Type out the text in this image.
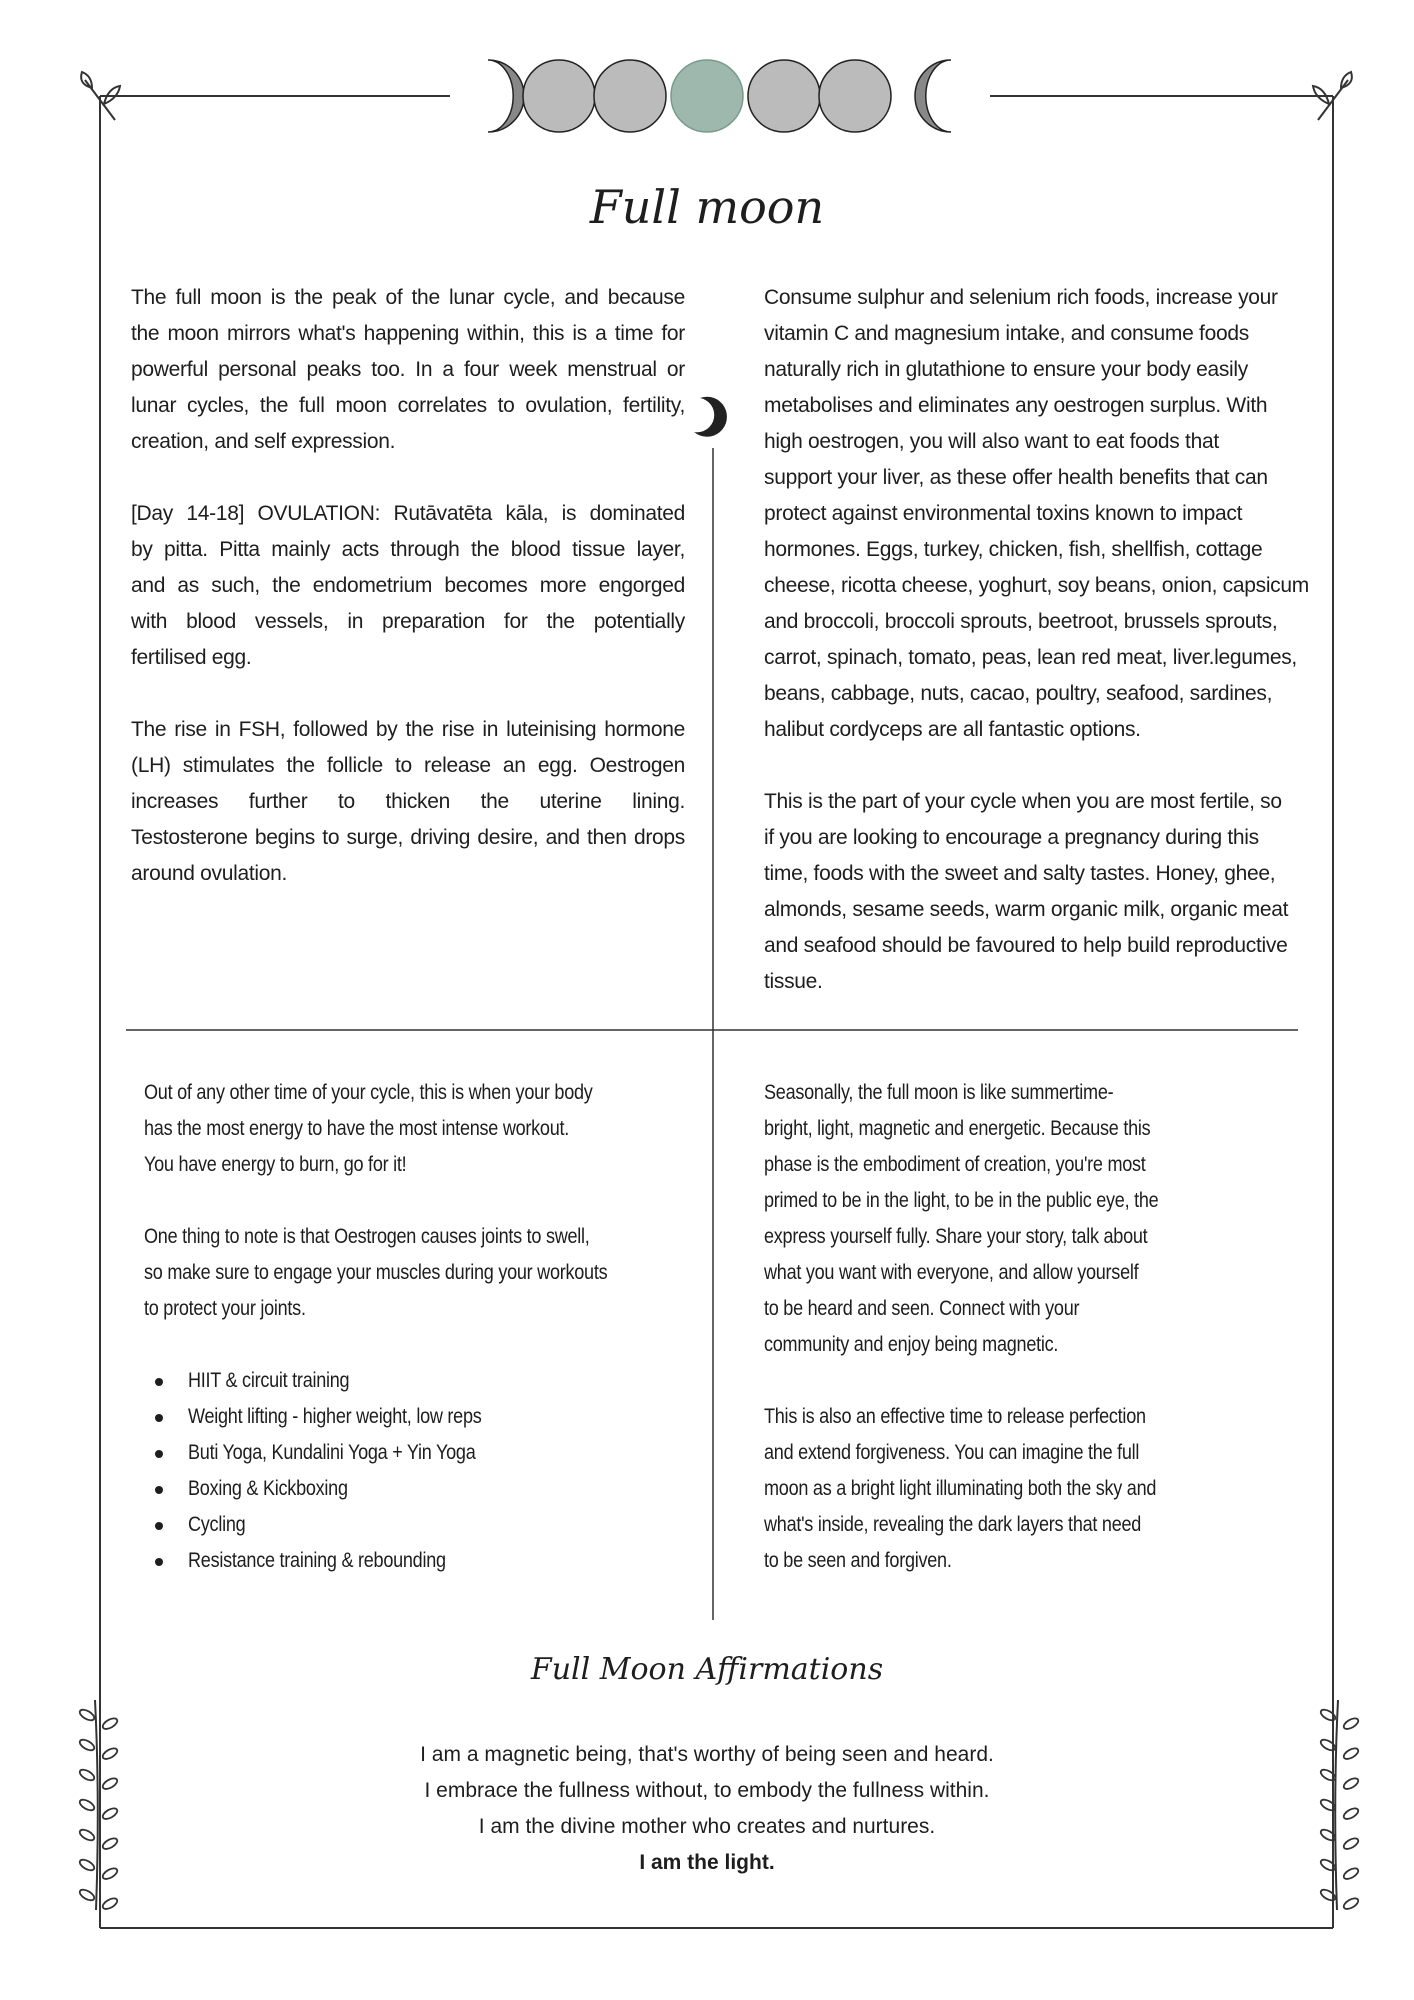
Full moon
The full moon is the peak of the lunar cycle, and because
the moon mirrors what's happening within, this is a time for
powerful personal peaks too. In a four week menstrual or
lunar cycles, the full moon correlates to ovulation, fertility,
creation, and self expression.
[Day 14-18] OVULATION: Rutāvatēta kāla, is dominated
by pitta. Pitta mainly acts through the blood tissue layer,
and as such, the endometrium becomes more engorged
with blood vessels, in preparation for the potentially
fertilised egg.
The rise in FSH, followed by the rise in luteinising hormone
(LH) stimulates the follicle to release an egg. Oestrogen
increases further to thicken the uterine lining.
Testosterone begins to surge, driving desire, and then drops
around ovulation.
Consume sulphur and selenium rich foods, increase your
vitamin C and magnesium intake, and consume foods
naturally rich in glutathione to ensure your body easily
metabolises and eliminates any oestrogen surplus. With
high oestrogen, you will also want to eat foods that
support your liver, as these offer health benefits that can
protect against environmental toxins known to impact
hormones. Eggs, turkey, chicken, fish, shellfish, cottage
cheese, ricotta cheese, yoghurt, soy beans, onion, capsicum
and broccoli, broccoli sprouts, beetroot, brussels sprouts,
carrot, spinach, tomato, peas, lean red meat, liver.legumes,
beans, cabbage, nuts, cacao, poultry, seafood, sardines,
halibut cordyceps are all fantastic options.
This is the part of your cycle when you are most fertile, so
if you are looking to encourage a pregnancy during this
time, foods with the sweet and salty tastes. Honey, ghee,
almonds, sesame seeds, warm organic milk, organic meat
and seafood should be favoured to help build reproductive
tissue.
Out of any other time of your cycle, this is when your body
has the most energy to have the most intense workout.
You have energy to burn, go for it!
One thing to note is that Oestrogen causes joints to swell,
so make sure to engage your muscles during your workouts
to protect your joints.
HIIT & circuit training
Weight lifting - higher weight, low reps
Buti Yoga, Kundalini Yoga + Yin Yoga
Boxing & Kickboxing
Cycling
Resistance training & rebounding
Seasonally, the full moon is like summertime-
bright, light, magnetic and energetic. Because this
phase is the embodiment of creation, you're most
primed to be in the light, to be in the public eye, the
express yourself fully. Share your story, talk about
what you want with everyone, and allow yourself
to be heard and seen. Connect with your
community and enjoy being magnetic.
This is also an effective time to release perfection
and extend forgiveness. You can imagine the full
moon as a bright light illuminating both the sky and
what's inside, revealing the dark layers that need
to be seen and forgiven.
Full Moon Affirmations
I am a magnetic being, that's worthy of being seen and heard.
I embrace the fullness without, to embody the fullness within.
I am the divine mother who creates and nurtures.
I am the light.
